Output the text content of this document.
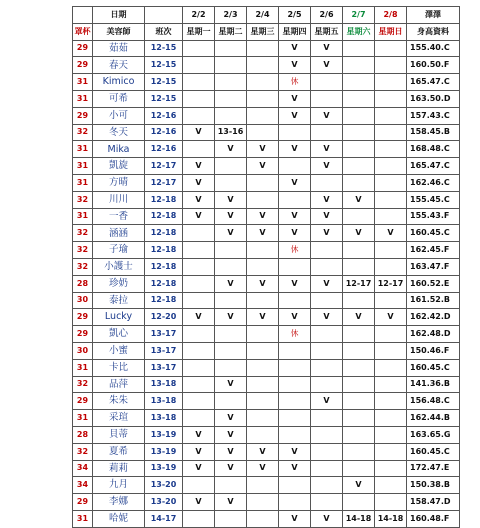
	日期		2/2	2/3	2/4	2/5	2/6	2/7	2/8	澤澤
罩杯	美容師	班次	星期一	星期二	星期三	星期四	星期五	星期六	星期日	身高資料
29	茹茹	12-15				V	V			155.40.C
29	春天	12-15				V	V			160.50.F
31	Kimico	12-15				休				165.47.C
31	可希	12-15				V				163.50.D
29	小可	12-16				V	V			157.43.C
32	冬天	12-16	V	13-16						158.45.B
31	Mika	12-16		V	V	V	V			168.48.C
31	凱旋	12-17	V		V		V			165.47.C
31	方晴	12-17	V			V				162.46.C
32	川川	12-18	V	V			V	V		155.45.C
31	一香	12-18	V	V	V	V	V			155.43.F
32	涵涵	12-18		V	V	V	V	V	V	160.45.C
32	子瑜	12-18				休				162.45.F
32	小護士	12-18								163.47.F
28	珍奶	12-18		V	V	V	V	12-17	12-17	160.52.E
30	泰拉	12-18								161.52.B
29	Lucky	12-20	V	V	V	V	V	V	V	162.42.D
29	凱心	13-17				休				162.48.D
30	小蜜	13-17								150.46.F
31	卡比	13-17								160.45.C
32	品萍	13-18		V						141.36.B
29	朱朱	13-18					V			156.48.C
31	采瑄	13-18		V						162.44.B
28	貝蒂	13-19	V	V						163.65.G
32	夏希	13-19	V	V	V	V				160.45.C
34	莉莉	13-19	V	V	V	V				172.47.E
34	九月	13-20						V		150.38.B
29	李娜	13-20	V	V						158.47.D
31	哈妮	14-17				V	V	14-18	14-18	160.48.F
